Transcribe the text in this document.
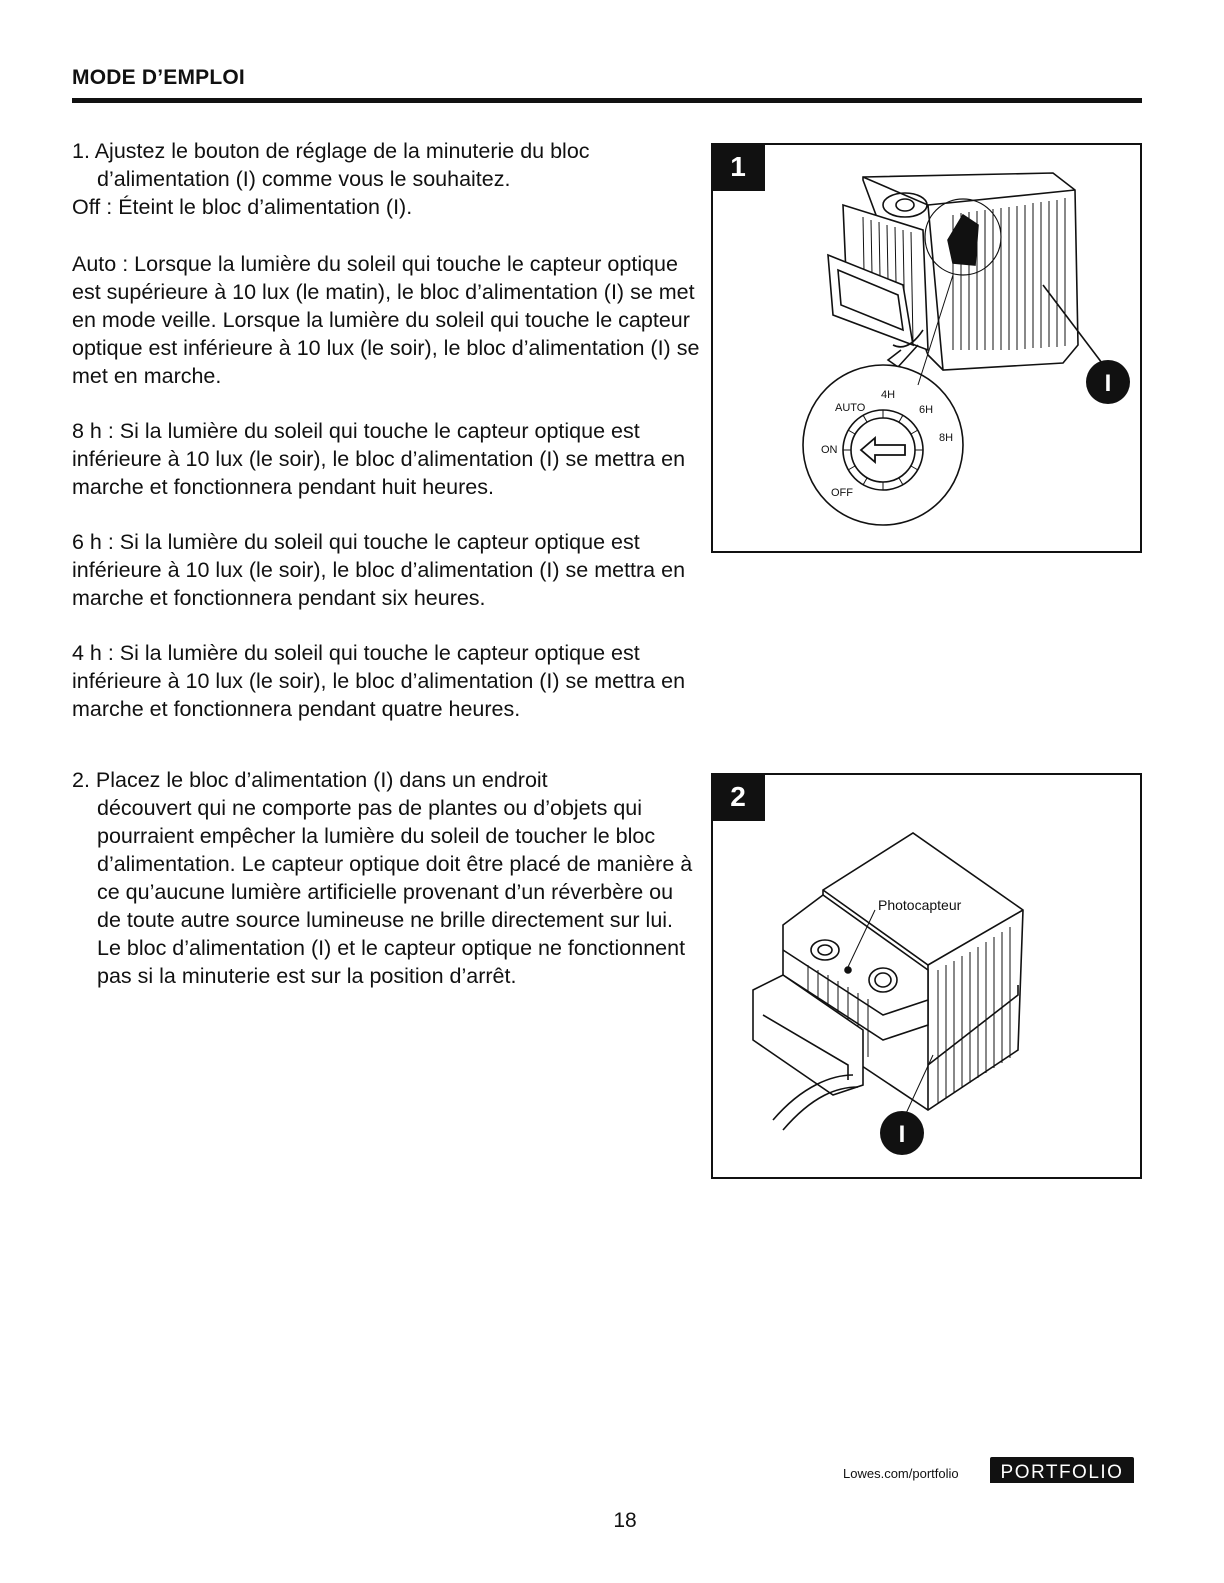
MODE D’EMPLOI

1. Ajustez le bouton de réglage de la minuterie du bloc

d’alimentation (I) comme vous le souhaitez.

Off : Éteint le bloc d’alimentation (I).

Auto : Lorsque la lumière du soleil qui touche le capteur optique est supérieure à 10 lux (le matin), le bloc d’alimentation (I) se met en mode veille. Lorsque la lumière du soleil qui touche le capteur optique est inférieure à 10 lux (le soir), le bloc d’alimentation (I) se met en marche.
8 h : Si la lumière du soleil qui touche le capteur optique est inférieure à 10 lux (le soir), le bloc d’alimentation (I) se mettra en marche et fonctionnera pendant huit heures.
6 h : Si la lumière du soleil qui touche le capteur optique est inférieure à 10 lux (le soir), le bloc d’alimentation (I) se mettra en marche et fonctionnera pendant six heures.
4 h : Si la lumière du soleil qui touche le capteur optique est inférieure à 10 lux (le soir), le bloc d’alimentation (I) se mettra en marche et fonctionnera pendant quatre heures.

2. Placez le bloc d’alimentation (I) dans un endroit

découvert qui ne comporte pas de plantes ou d’objets qui pourraient empêcher la lumière du soleil de toucher le bloc d’alimentation. Le capteur optique doit être placé de manière à ce qu’aucune lumière artificielle provenant d’un réverbère ou de toute autre source lumineuse ne brille directement sur lui. Le bloc d’alimentation (I) et le capteur optique ne fonctionnent pas si la minuterie est sur la position d’arrêt.

AUTO
4H
6H
8H
ON
OFF
I
1
Photocapteur
I
2
Lowes.com/portfolio	PORTFOLIO
18
